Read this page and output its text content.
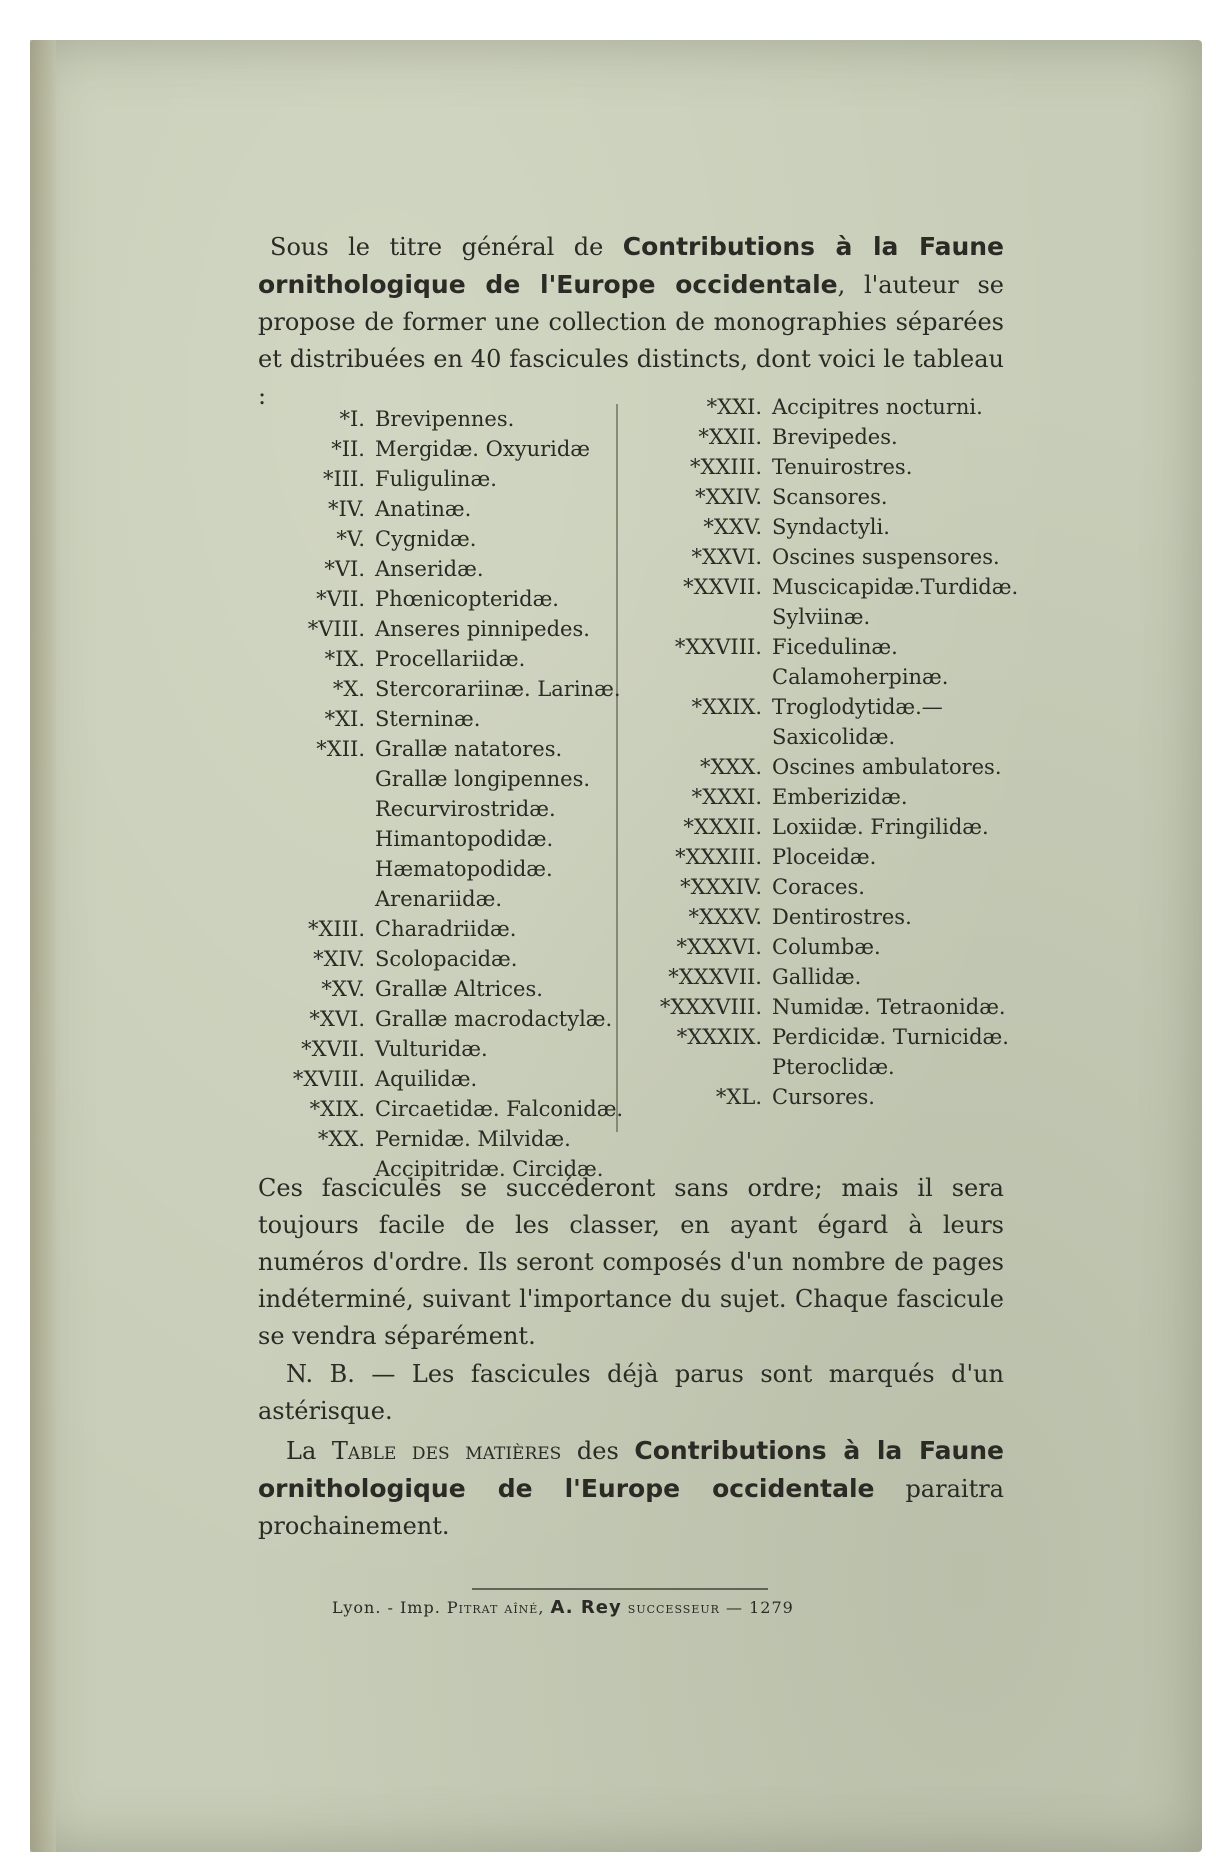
Sous le titre général de Contributions à la Faune ornithologique de l'Europe occidentale, l'auteur se propose de former une collection de monographies séparées et distribuées en 40 fascicules distincts, dont voici le tableau :

*I. Brevipennes.
*II. Mergidæ. Oxyuridæ
*III. Fuligulinæ.
*IV. Anatinæ.
*V. Cygnidæ.
*VI. Anseridæ.
*VII. Phœnicopteridæ.
*VIII. Anseres pinnipedes.
*IX. Procellariidæ.
*X. Stercorariinæ. Larinæ.
*XI. Sterninæ.
*XII. Grallæ natatores. Grallæ longipennes. Recurvirostridæ. Himantopodidæ. Hæmatopodidæ. Arenariidæ.
*XIII. Charadriidæ.
*XIV. Scolopacidæ.
*XV. Grallæ Altrices.
*XVI. Grallæ macrodactylæ.
*XVII. Vulturidæ.
*XVIII. Aquilidæ.
*XIX. Circaetidæ. Falconidæ.
*XX. Pernidæ. Milvidæ. Accipitridæ. Circidæ.
*XXI. Accipitres nocturni.
*XXII. Brevipedes.
*XXIII. Tenuirostres.
*XXIV. Scansores.
*XXV. Syndactyli.
*XXVI. Oscines suspensores.
*XXVII. Muscicapidæ.Turdidæ. Sylviinæ.
*XXVIII. Ficedulinæ. Calamoherpinæ.
*XXIX. Troglodytidæ.— Saxicolidæ.
*XXX. Oscines ambulatores.
*XXXI. Emberizidæ.
*XXXII. Loxiidæ. Fringilidæ.
*XXXIII. Ploceidæ.
*XXXIV. Coraces.
*XXXV. Dentirostres.
*XXXVI. Columbæ.
*XXXVII. Gallidæ.
*XXXVIII. Numidæ. Tetraonidæ.
*XXXIX. Perdicidæ. Turnicidæ. Pteroclidæ.
*XL. Cursores.

Ces fascicules se succéderont sans ordre; mais il sera toujours facile de les classer, en ayant égard à leurs numéros d'ordre. Ils seront composés d'un nombre de pages indéterminé, suivant l'importance du sujet. Chaque fascicule se vendra séparément.

N. B. — Les fascicules déjà parus sont marqués d'un astérisque.

La Table des matières des Contributions à la Faune ornithologique de l'Europe occidentale paraitra prochainement.

Lyon. - Imp. Pitrat aîné, A. Rey successeur — 1279
